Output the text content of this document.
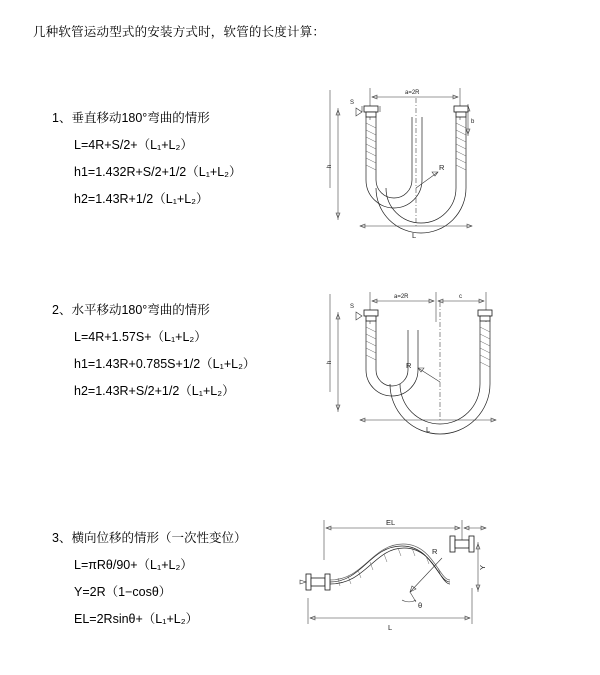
几种软管运动型式的安装方式时，软管的长度计算：
1、垂直移动180°弯曲的情形
L=4R+S/2+（L₁+L₂）
h1=1.432R+S/2+1/2（L₁+L₂）
h2=1.43R+1/2（L₁+L₂）
a=2R
b
h
S
R
L
2、水平移动180°弯曲的情形
L=4R+1.57S+（L₁+L₂）
h1=1.43R+0.785S+1/2（L₁+L₂）
h2=1.43R+S/2+1/2（L₁+L₂）
a=2R	c
h
S
R
L
3、横向位移的情形（一次性变位）
L=πRθ/90+（L₁+L₂）
Y=2R（1−cosθ）
EL=2Rsinθ+（L₁+L₂）
EL
Y
R
θ
L
